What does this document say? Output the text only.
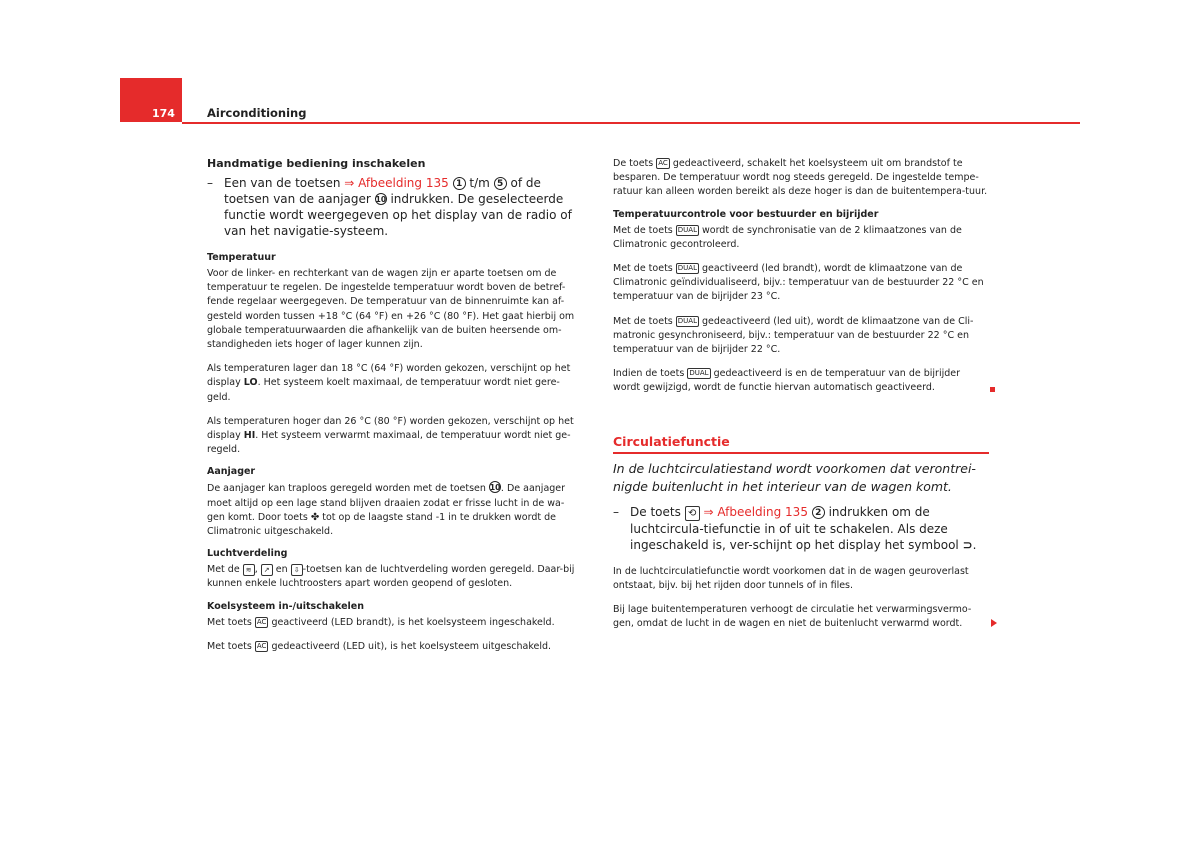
174	Airconditioning
Handmatige bediening inschakelen
– Een van de toetsen ⇒ Afbeelding 135 1 t/m 5 of de toetsen van de aanjager 10 indrukken. De geselecteerde functie wordt weergegeven op het display van de radio of van het navigatie-systeem.
Temperatuur

Voor de linker- en rechterkant van de wagen zijn er aparte toetsen om de temperatuur te regelen. De ingestelde temperatuur wordt boven de betref-fende regelaar weergegeven. De temperatuur van de binnenruimte kan af-gesteld worden tussen +18 °C (64 °F) en +26 °C (80 °F). Het gaat hierbij om globale temperatuurwaarden die afhankelijk van de buiten heersende om-standigheden iets hoger of lager kunnen zijn.

Als temperaturen lager dan 18 °C (64 °F) worden gekozen, verschijnt op het display LO. Het systeem koelt maximaal, de temperatuur wordt niet gere-geld.

Als temperaturen hoger dan 26 °C (80 °F) worden gekozen, verschijnt op het display HI. Het systeem verwarmt maximaal, de temperatuur wordt niet ge-regeld.

Aanjager

De aanjager kan traploos geregeld worden met de toetsen 10. De aanjager moet altijd op een lage stand blijven draaien zodat er frisse lucht in de wa-gen komt. Door toets ✤ tot op de laagste stand -1 in te drukken wordt de Climatronic uitgeschakeld.

Luchtverdeling

Met de ≋ , ↗ en ⇩ -toetsen kan de luchtverdeling worden geregeld. Daar-bij kunnen enkele luchtroosters apart worden geopend of gesloten.

Koelsysteem in-/uitschakelen

Met toets AC geactiveerd (LED brandt), is het koelsysteem ingeschakeld.

Met toets AC gedeactiveerd (LED uit), is het koelsysteem uitgeschakeld.

De toets AC gedeactiveerd, schakelt het koelsysteem uit om brandstof te besparen. De temperatuur wordt nog steeds geregeld. De ingestelde tempe-ratuur kan alleen worden bereikt als deze hoger is dan de buitentempera-tuur.

Temperatuurcontrole voor bestuurder en bijrijder

Met de toets DUAL wordt de synchronisatie van de 2 klimaatzones van de Climatronic gecontroleerd.

Met de toets DUAL geactiveerd (led brandt), wordt de klimaatzone van de Climatronic geïndividualiseerd, bijv.: temperatuur van de bestuurder 22 °C en temperatuur van de bijrijder 23 °C.

Met de toets DUAL gedeactiveerd (led uit), wordt de klimaatzone van de Cli-matronic gesynchroniseerd, bijv.: temperatuur van de bestuurder 22 °C en temperatuur van de bijrijder 22 °C.

Indien de toets DUAL gedeactiveerd is en de temperatuur van de bijrijder wordt gewijzigd, wordt de functie hiervan automatisch geactiveerd.

Circulatiefunctie
In de luchtcirculatiestand wordt voorkomen dat verontrei-nigde buitenlucht in het interieur van de wagen komt.
– De toets ⟲ ⇒ Afbeelding 135 2 indrukken om de luchtcircula-tiefunctie in of uit te schakelen. Als deze ingeschakeld is, ver-schijnt op het display het symbool ⊃.

In de luchtcirculatiefunctie wordt voorkomen dat in de wagen geuroverlast ontstaat, bijv. bij het rijden door tunnels of in files.

Bij lage buitentemperaturen verhoogt de circulatie het verwarmingsvermo-gen, omdat de lucht in de wagen en niet de buitenlucht verwarmd wordt.
